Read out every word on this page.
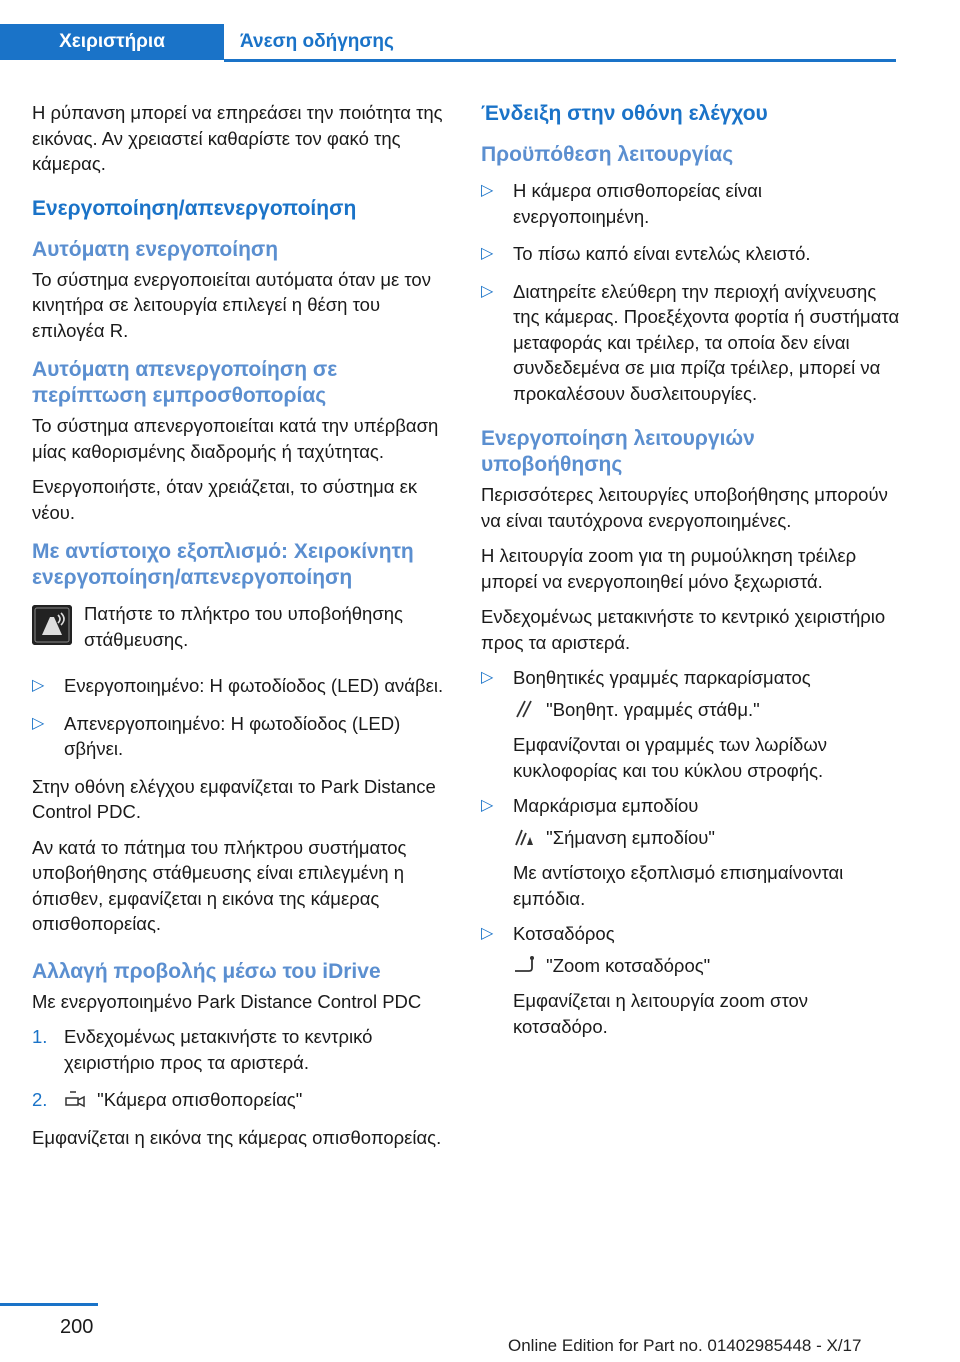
Χειριστήρια	Άνεση οδήγησης

Η ρύπανση μπορεί να επηρεάσει την ποιότητα της εικόνας. Αν χρειαστεί καθαρίστε τον φακό της κάμερας.

Ενεργοποίηση/απενεργοποίηση
Αυτόματη ενεργοποίηση

Το σύστημα ενεργοποιείται αυτόματα όταν με τον κινητήρα σε λειτουργία επιλεγεί η θέση του επιλογέα R.

Αυτόματη απενεργοποίηση σε περίπτωση εμπροσθοπορίας

Το σύστημα απενεργοποιείται κατά την υπέρβαση μίας καθορισμένης διαδρομής ή ταχύτητας.

Ενεργοποιήστε, όταν χρειάζεται, το σύστημα εκ νέου.

Με αντίστοιχο εξοπλισμό: Χειροκίνητη ενεργοποίηση/απενεργοποίηση
Πατήστε το πλήκτρο του υποβοήθησης στάθμευσης.
▷ Ενεργοποιημένο: Η φωτοδίοδος (LED) ανάβει.
▷ Απενεργοποιημένο: Η φωτοδίοδος (LED) σβήνει.

Στην οθόνη ελέγχου εμφανίζεται το Park Distance Control PDC.

Αν κατά το πάτημα του πλήκτρου συστήματος υποβοήθησης στάθμευσης είναι επιλεγμένη η όπισθεν, εμφανίζεται η εικόνα της κάμερας οπισθοπορείας.

Αλλαγή προβολής μέσω του iDrive

Με ενεργοποιημένο Park Distance Control PDC

1. Ενδεχομένως μετακινήστε το κεντρικό χειριστήριο προς τα αριστερά.
2.	"Κάμερα οπισθοπορείας"

Εμφανίζεται η εικόνα της κάμερας οπισθοπορείας.

Ένδειξη στην οθόνη ελέγχου
Προϋπόθεση λειτουργίας
▷ Η κάμερα οπισθοπορείας είναι ενεργοποιημένη.
▷ Το πίσω καπό είναι εντελώς κλειστό.
▷ Διατηρείτε ελεύθερη την περιοχή ανίχνευσης της κάμερας. Προεξέχοντα φορτία ή συστήματα μεταφοράς και τρέιλερ, τα οποία δεν είναι συνδεδεμένα σε μια πρίζα τρέιλερ, μπορεί να προκαλέσουν δυσλειτουργίες.
Ενεργοποίηση λειτουργιών υποβοήθησης

Περισσότερες λειτουργίες υποβοήθησης μπορούν να είναι ταυτόχρονα ενεργοποιημένες.

Η λειτουργία zoom για τη ρυμούλκηση τρέιλερ μπορεί να ενεργοποιηθεί μόνο ξεχωριστά.

Ενδεχομένως μετακινήστε το κεντρικό χειριστήριο προς τα αριστερά.

▷ Βοηθητικές γραμμές παρκαρίσματος
"Βοηθητ. γραμμές στάθμ."

Εμφανίζονται οι γραμμές των λωρίδων κυκλοφορίας και του κύκλου στροφής.

▷ Μαρκάρισμα εμποδίου
"Σήμανση εμποδίου"

Με αντίστοιχο εξοπλισμό επισημαίνονται εμπόδια.

▷ Κοτσαδόρος
"Zoom κοτσαδόρος"

Εμφανίζεται η λειτουργία zoom στον κοτσαδόρο.

200
Online Edition for Part no. 01402985448 - X/17
